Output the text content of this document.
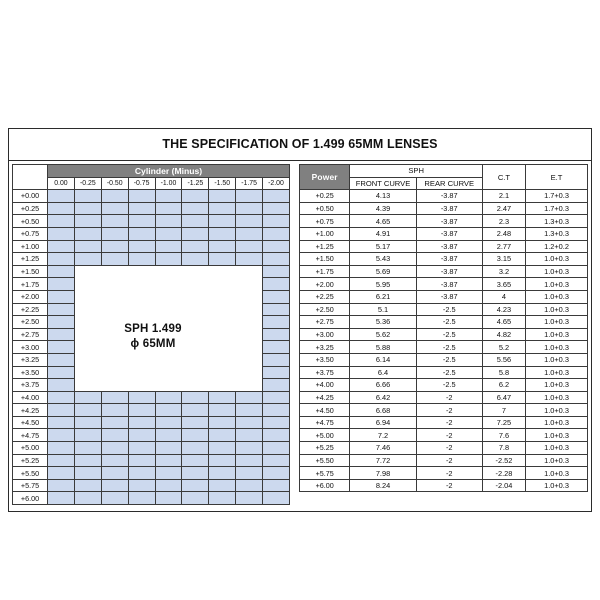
THE SPECIFICATION OF 1.499 65MM LENSES
Sphere	Cylinder (Minus)								
	0.00	-0.25	-0.50	-0.75	-1.00	-1.25	-1.50	-1.75	-2.00
+0.00									
+0.25									
+0.50									
+0.75									
+1.00									
+1.25									
+1.50									
+1.75									
+2.00									
+2.25									
+2.50									
+2.75									
+3.00									
+3.25									
+3.50									
+3.75									
+4.00									
+4.25									
+4.50									
+4.75									
+5.00									
+5.25									
+5.50									
+5.75									
+6.00									
SPH 1.499
ϕ 65MM
Power	SPH		C.T	E.T
	FRONT CURVE	REAR CURVE		
+0.25	4.13	-3.87	2.1	1.7+0.3
+0.50	4.39	-3.87	2.47	1.7+0.3
+0.75	4.65	-3.87	2.3	1.3+0.3
+1.00	4.91	-3.87	2.48	1.3+0.3
+1.25	5.17	-3.87	2.77	1.2+0.2
+1.50	5.43	-3.87	3.15	1.0+0.3
+1.75	5.69	-3.87	3.2	1.0+0.3
+2.00	5.95	-3.87	3.65	1.0+0.3
+2.25	6.21	-3.87	4	1.0+0.3
+2.50	5.1	-2.5	4.23	1.0+0.3
+2.75	5.36	-2.5	4.65	1.0+0.3
+3.00	5.62	-2.5	4.82	1.0+0.3
+3.25	5.88	-2.5	5.2	1.0+0.3
+3.50	6.14	-2.5	5.56	1.0+0.3
+3.75	6.4	-2.5	5.8	1.0+0.3
+4.00	6.66	-2.5	6.2	1.0+0.3
+4.25	6.42	-2	6.47	1.0+0.3
+4.50	6.68	-2	7	1.0+0.3
+4.75	6.94	-2	7.25	1.0+0.3
+5.00	7.2	-2	7.6	1.0+0.3
+5.25	7.46	-2	7.8	1.0+0.3
+5.50	7.72	-2	-2.52	1.0+0.3
+5.75	7.98	-2	-2.28	1.0+0.3
+6.00	8.24	-2	-2.04	1.0+0.3
